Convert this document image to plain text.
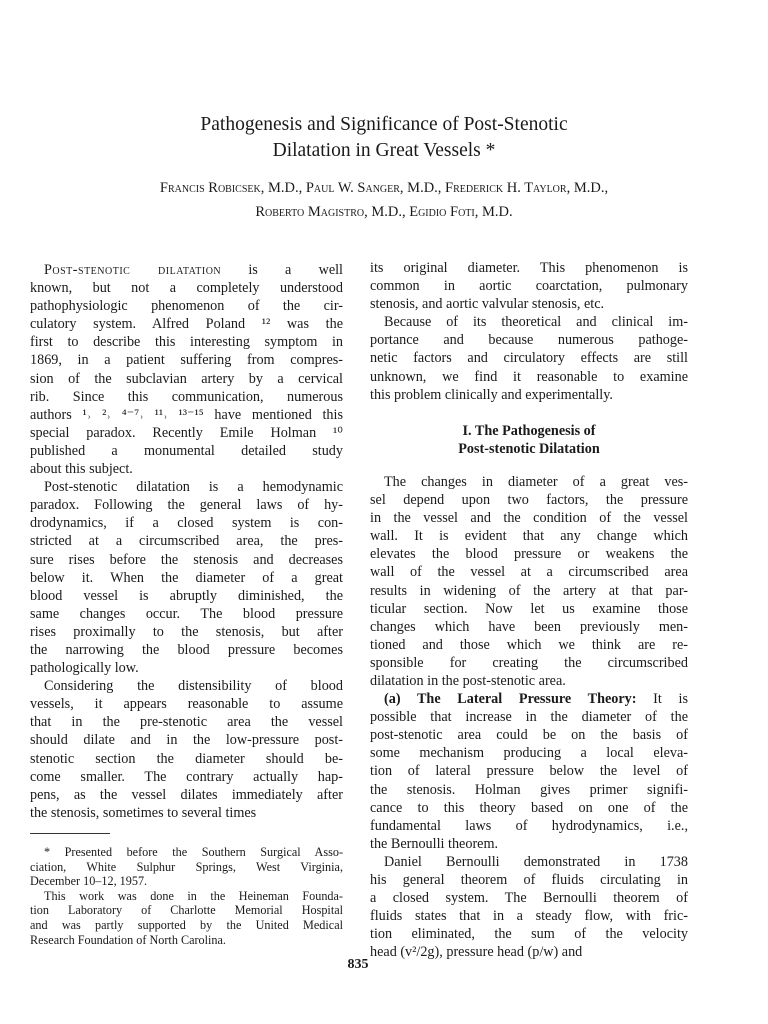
Pathogenesis and Significance of Post-Stenotic
Dilatation in Great Vessels *
Francis Robicsek, M.D., Paul W. Sanger, M.D., Frederick H. Taylor, M.D.,
Roberto Magistro, M.D., Egidio Foti, M.D.
Post-stenotic dilatation is a well
known, but not a completely understood
pathophysiologic phenomenon of the cir-
culatory system. Alfred Poland ¹² was the
first to describe this interesting symptom in
1869, in a patient suffering from compres-
sion of the subclavian artery by a cervical
rib. Since this communication, numerous
authors ¹˒ ²˒ ⁴⁻⁷˒ ¹¹˒ ¹³⁻¹⁵ have mentioned this
special paradox. Recently Emile Holman ¹⁰
published a monumental detailed study
about this subject.
Post-stenotic dilatation is a hemodynamic
paradox. Following the general laws of hy-
drodynamics, if a closed system is con-
stricted at a circumscribed area, the pres-
sure rises before the stenosis and decreases
below it. When the diameter of a great
blood vessel is abruptly diminished, the
same changes occur. The blood pressure
rises proximally to the stenosis, but after
the narrowing the blood pressure becomes
pathologically low.
Considering the distensibility of blood
vessels, it appears reasonable to assume
that in the pre-stenotic area the vessel
should dilate and in the low-pressure post-
stenotic section the diameter should be-
come smaller. The contrary actually hap-
pens, as the vessel dilates immediately after
the stenosis, sometimes to several times
its original diameter. This phenomenon is
common in aortic coarctation, pulmonary
stenosis, and aortic valvular stenosis, etc.
Because of its theoretical and clinical im-
portance and because numerous pathoge-
netic factors and circulatory effects are still
unknown, we find it reasonable to examine
this problem clinically and experimentally.
I. The Pathogenesis of
Post-stenotic Dilatation
The changes in diameter of a great ves-
sel depend upon two factors, the pressure
in the vessel and the condition of the vessel
wall. It is evident that any change which
elevates the blood pressure or weakens the
wall of the vessel at a circumscribed area
results in widening of the artery at that par-
ticular section. Now let us examine those
changes which have been previously men-
tioned and those which we think are re-
sponsible for creating the circumscribed
dilatation in the post-stenotic area.
(a) The Lateral Pressure Theory: It is
possible that increase in the diameter of the
post-stenotic area could be on the basis of
some mechanism producing a local eleva-
tion of lateral pressure below the level of
the stenosis. Holman gives primer signifi-
cance to this theory based on one of the
fundamental laws of hydrodynamics, i.e.,
the Bernoulli theorem.
Daniel Bernoulli demonstrated in 1738
his general theorem of fluids circulating in
a closed system. The Bernoulli theorem of
fluids states that in a steady flow, with fric-
tion eliminated, the sum of the velocity
head (v²/2g), pressure head (p/w) and
* Presented before the Southern Surgical Asso-
ciation, White Sulphur Springs, West Virginia,
December 10–12, 1957.
This work was done in the Heineman Founda-
tion Laboratory of Charlotte Memorial Hospital
and was partly supported by the United Medical
Research Foundation of North Carolina.
835
